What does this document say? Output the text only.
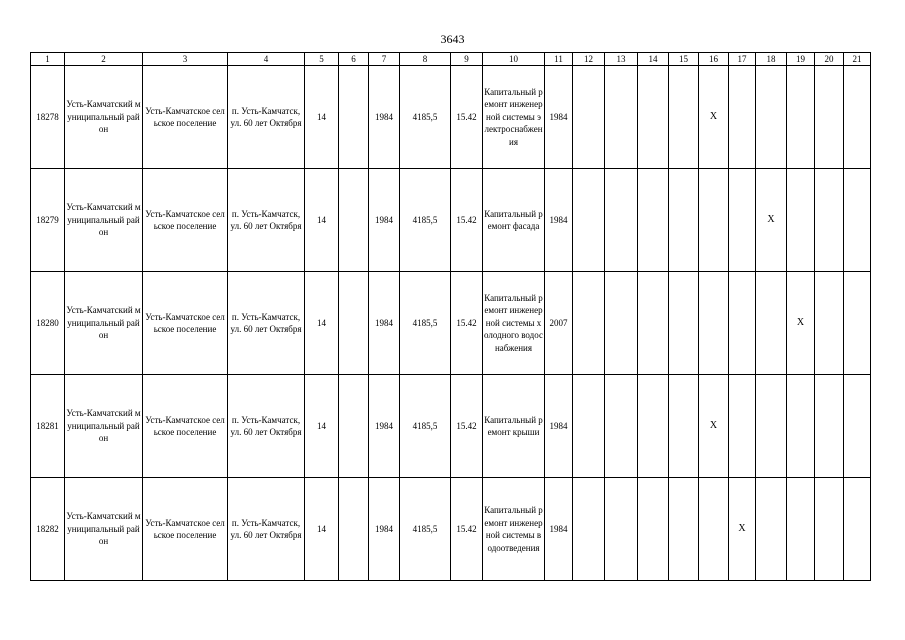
3643
1	2	3	4	5	6	7	8	9	10	11	12	13	14	15	16	17	18	19	20	21
18278	Усть-Камчатский муниципальный район	Усть-Камчатское сельское поселение	п. Усть-Камчатск, ул. 60 лет Октября	14		1984	4185,5	15.42	Капитальный ремонт инженерной системы электроснабжения	1984					Х					
18279	Усть-Камчатский муниципальный район	Усть-Камчатское сельское поселение	п. Усть-Камчатск, ул. 60 лет Октября	14		1984	4185,5	15.42	Капитальный ремонт фасада	1984							Х			
18280	Усть-Камчатский муниципальный район	Усть-Камчатское сельское поселение	п. Усть-Камчатск, ул. 60 лет Октября	14		1984	4185,5	15.42	Капитальный ремонт инженерной системы холодного водоснабжения	2007								Х		
18281	Усть-Камчатский муниципальный район	Усть-Камчатское сельское поселение	п. Усть-Камчатск, ул. 60 лет Октября	14		1984	4185,5	15.42	Капитальный ремонт крыши	1984					Х					
18282	Усть-Камчатский муниципальный район	Усть-Камчатское сельское поселение	п. Усть-Камчатск, ул. 60 лет Октября	14		1984	4185,5	15.42	Капитальный ремонт инженерной системы водоотведения	1984						Х				
